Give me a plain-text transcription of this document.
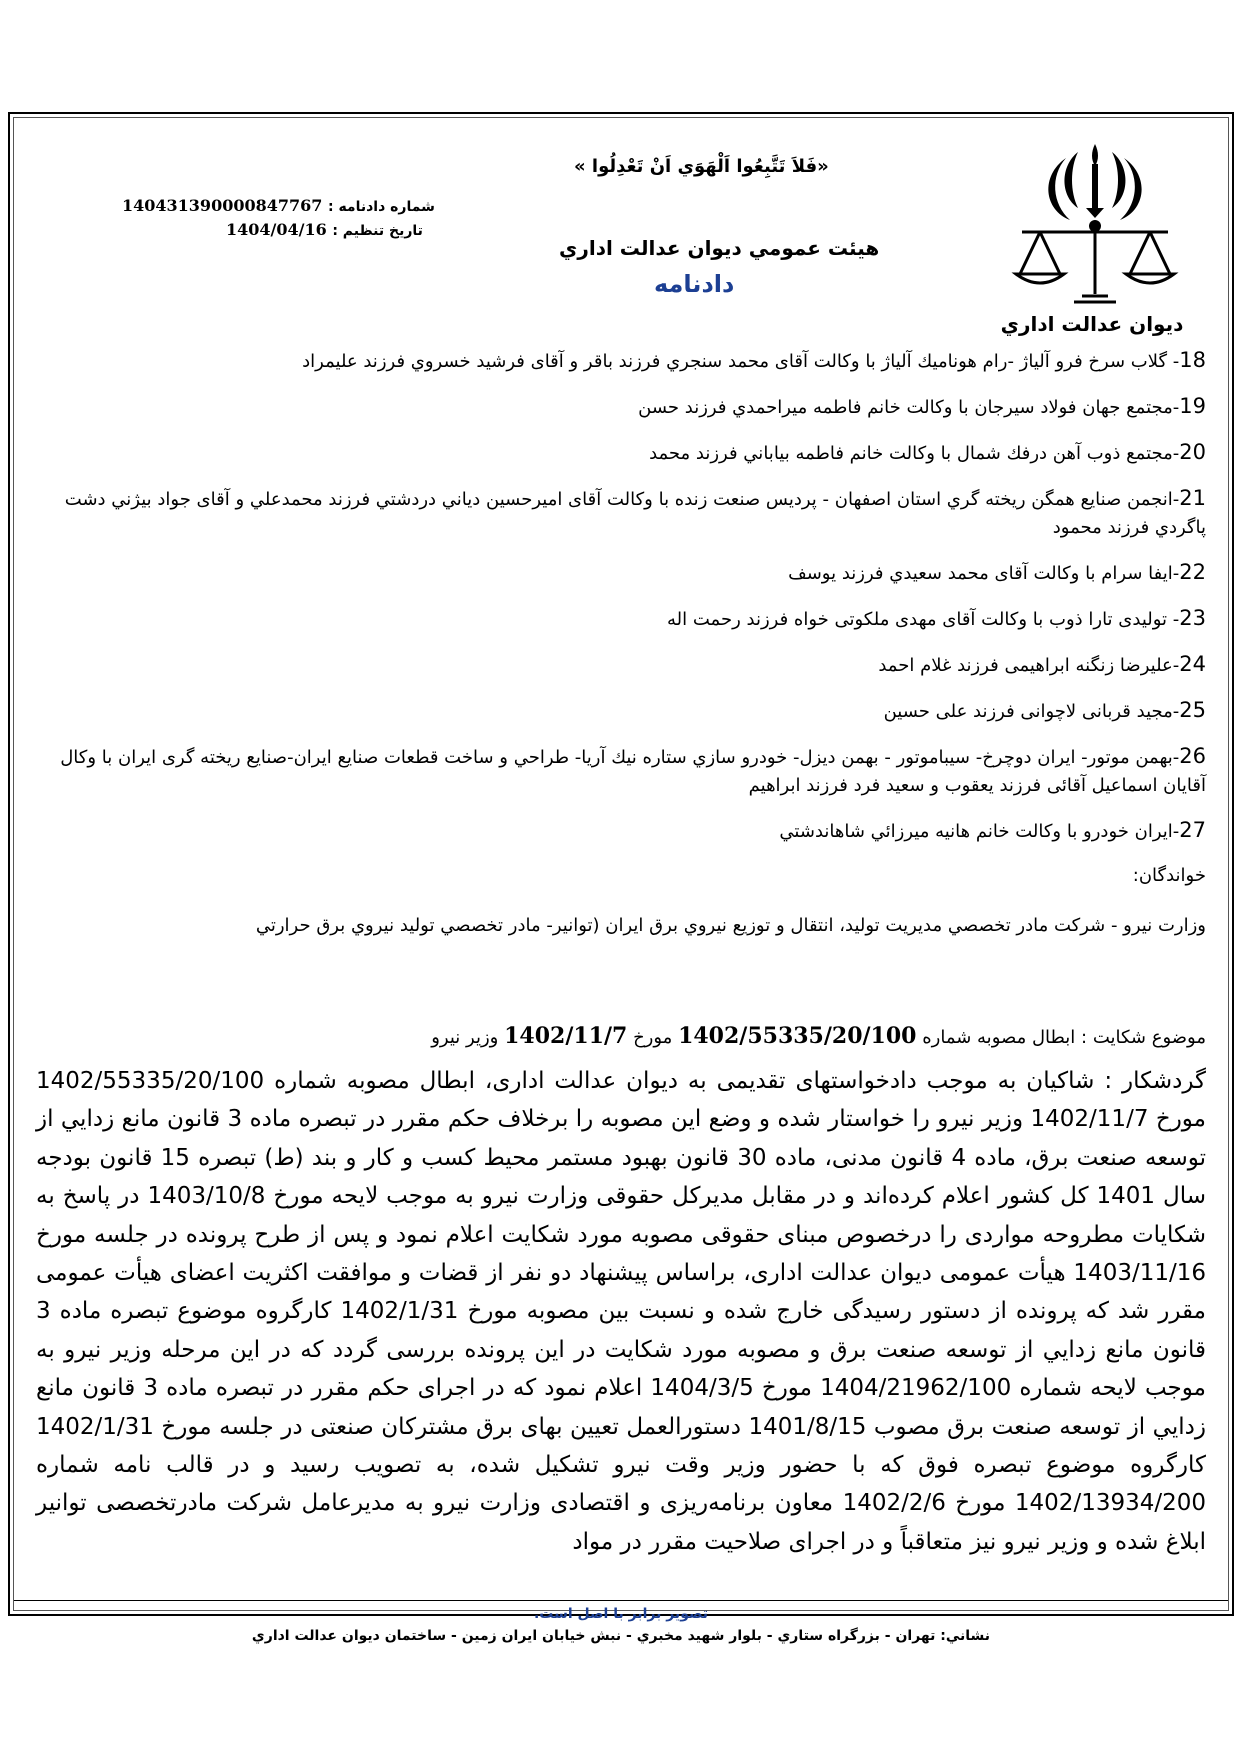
ديوان عدالت اداري
«فَلاَ تَتَّبِعُوا اَلْهَوَي اَنْ تَعْدِلُوا »
هيئت عمومي ديوان عدالت اداري
دادنامه
شماره دادنامه : 140431390000847767
تاريخ تنظيم : 1404/04/16
18- گلاب سرخ فرو آلياژ -رام هوناميك آلياژ با وكالت آقای محمد سنجري فرزند باقر و آقای فرشيد خسروي فرزند عليمراد
19-مجتمع جهان فولاد سيرجان با وكالت خانم فاطمه ميراحمدي فرزند حسن
20-مجتمع ذوب آهن درفك شمال با وكالت خانم فاطمه بياباني فرزند محمد
21-انجمن صنايع همگن ريخته گري استان اصفهان - پرديس صنعت زنده با وكالت آقای اميرحسين دياني دردشتي فرزند محمدعلي و آقای جواد بيژني دشت پاگردي فرزند محمود
22-ايفا سرام با وكالت آقای محمد سعيدي فرزند يوسف
23- توليدی تارا ذوب با وكالت آقای مهدی ملكوتی خواه فرزند رحمت اله
24-عليرضا زنگنه ابراهيمی فرزند غلام احمد
25-مجيد قربانی لاچوانی فرزند علی حسين
26-بهمن موتور- ايران دوچرخ- سيباموتور - بهمن ديزل- خودرو سازي ستاره نيك آريا- طراحي و ساخت قطعات صنايع ايران-صنايع ريخته گری ايران با وكال آقايان اسماعيل آقائی فرزند يعقوب و سعيد فرد فرزند ابراهيم
27-ايران خودرو با وكالت خانم هانيه ميرزائي شاهاندشتي
خواندگان:
وزارت نيرو - شركت مادر تخصصي مديريت توليد، انتقال و توزيع نيروي برق ايران (توانير- مادر تخصصي توليد نيروي برق حرارتي
موضوع شكايت : ابطال مصوبه شماره 1402/55335/20/100 مورخ 1402/11/7 وزير نيرو

گردشكار : شاكيان به موجب دادخواستهای تقديمی به ديوان عدالت اداری، ابطال مصوبه شماره 1402/55335/20/100 مورخ 1402/11/7 وزير نيرو را خواستار شده و وضع اين مصوبه را برخلاف حكم مقرر در تبصره ماده 3 قانون مانع زدايي از توسعه صنعت برق، ماده 4 قانون مدنی، ماده 30 قانون بهبود مستمر محيط كسب و كار و بند (ط) تبصره 15 قانون بودجه سال 1401 كل كشور اعلام كرده‌اند و در مقابل مديركل حقوقی وزارت نيرو به موجب لايحه مورخ 1403/10/8 در پاسخ به شكايات مطروحه مواردی را درخصوص مبنای حقوقی مصوبه مورد شكايت اعلام نمود و پس از طرح پرونده در جلسه مورخ 1403/11/16 هيأت عمومی ديوان عدالت اداری، براساس پيشنهاد دو نفر از قضات و موافقت اكثريت اعضای هيأت عمومی مقرر شد كه پرونده از دستور رسيدگی خارج شده و نسبت بين مصوبه مورخ 1402/1/31 كارگروه موضوع تبصره ماده 3 قانون مانع زدايي از توسعه صنعت برق و مصوبه مورد شكايت در اين پرونده بررسی گردد كه در اين مرحله وزير نيرو به موجب لايحه شماره 1404/21962/100 مورخ 1404/3/5 اعلام نمود كه در اجرای حكم مقرر در تبصره ماده 3 قانون مانع زدايي از توسعه صنعت برق مصوب 1401/8/15 دستورالعمل تعيين بهای برق مشتركان صنعتی در جلسه مورخ 1402/1/31 كارگروه موضوع تبصره فوق كه با حضور وزير وقت نيرو تشكيل شده، به تصويب رسيد و در قالب نامه شماره 1402/13934/200 مورخ 1402/2/6 معاون برنامه‌ريزی و اقتصادی وزارت نيرو به مديرعامل شركت مادرتخصصی توانير ابلاغ شده و وزير نيرو نيز متعاقباً و در اجرای صلاحيت مقرر در مواد

تصوير برابر با اصل است.
نشاني: تهران - بزرگراه ستاري - بلوار شهيد مخبري - نبش خيابان ايران زمين - ساختمان ديوان عدالت اداري
